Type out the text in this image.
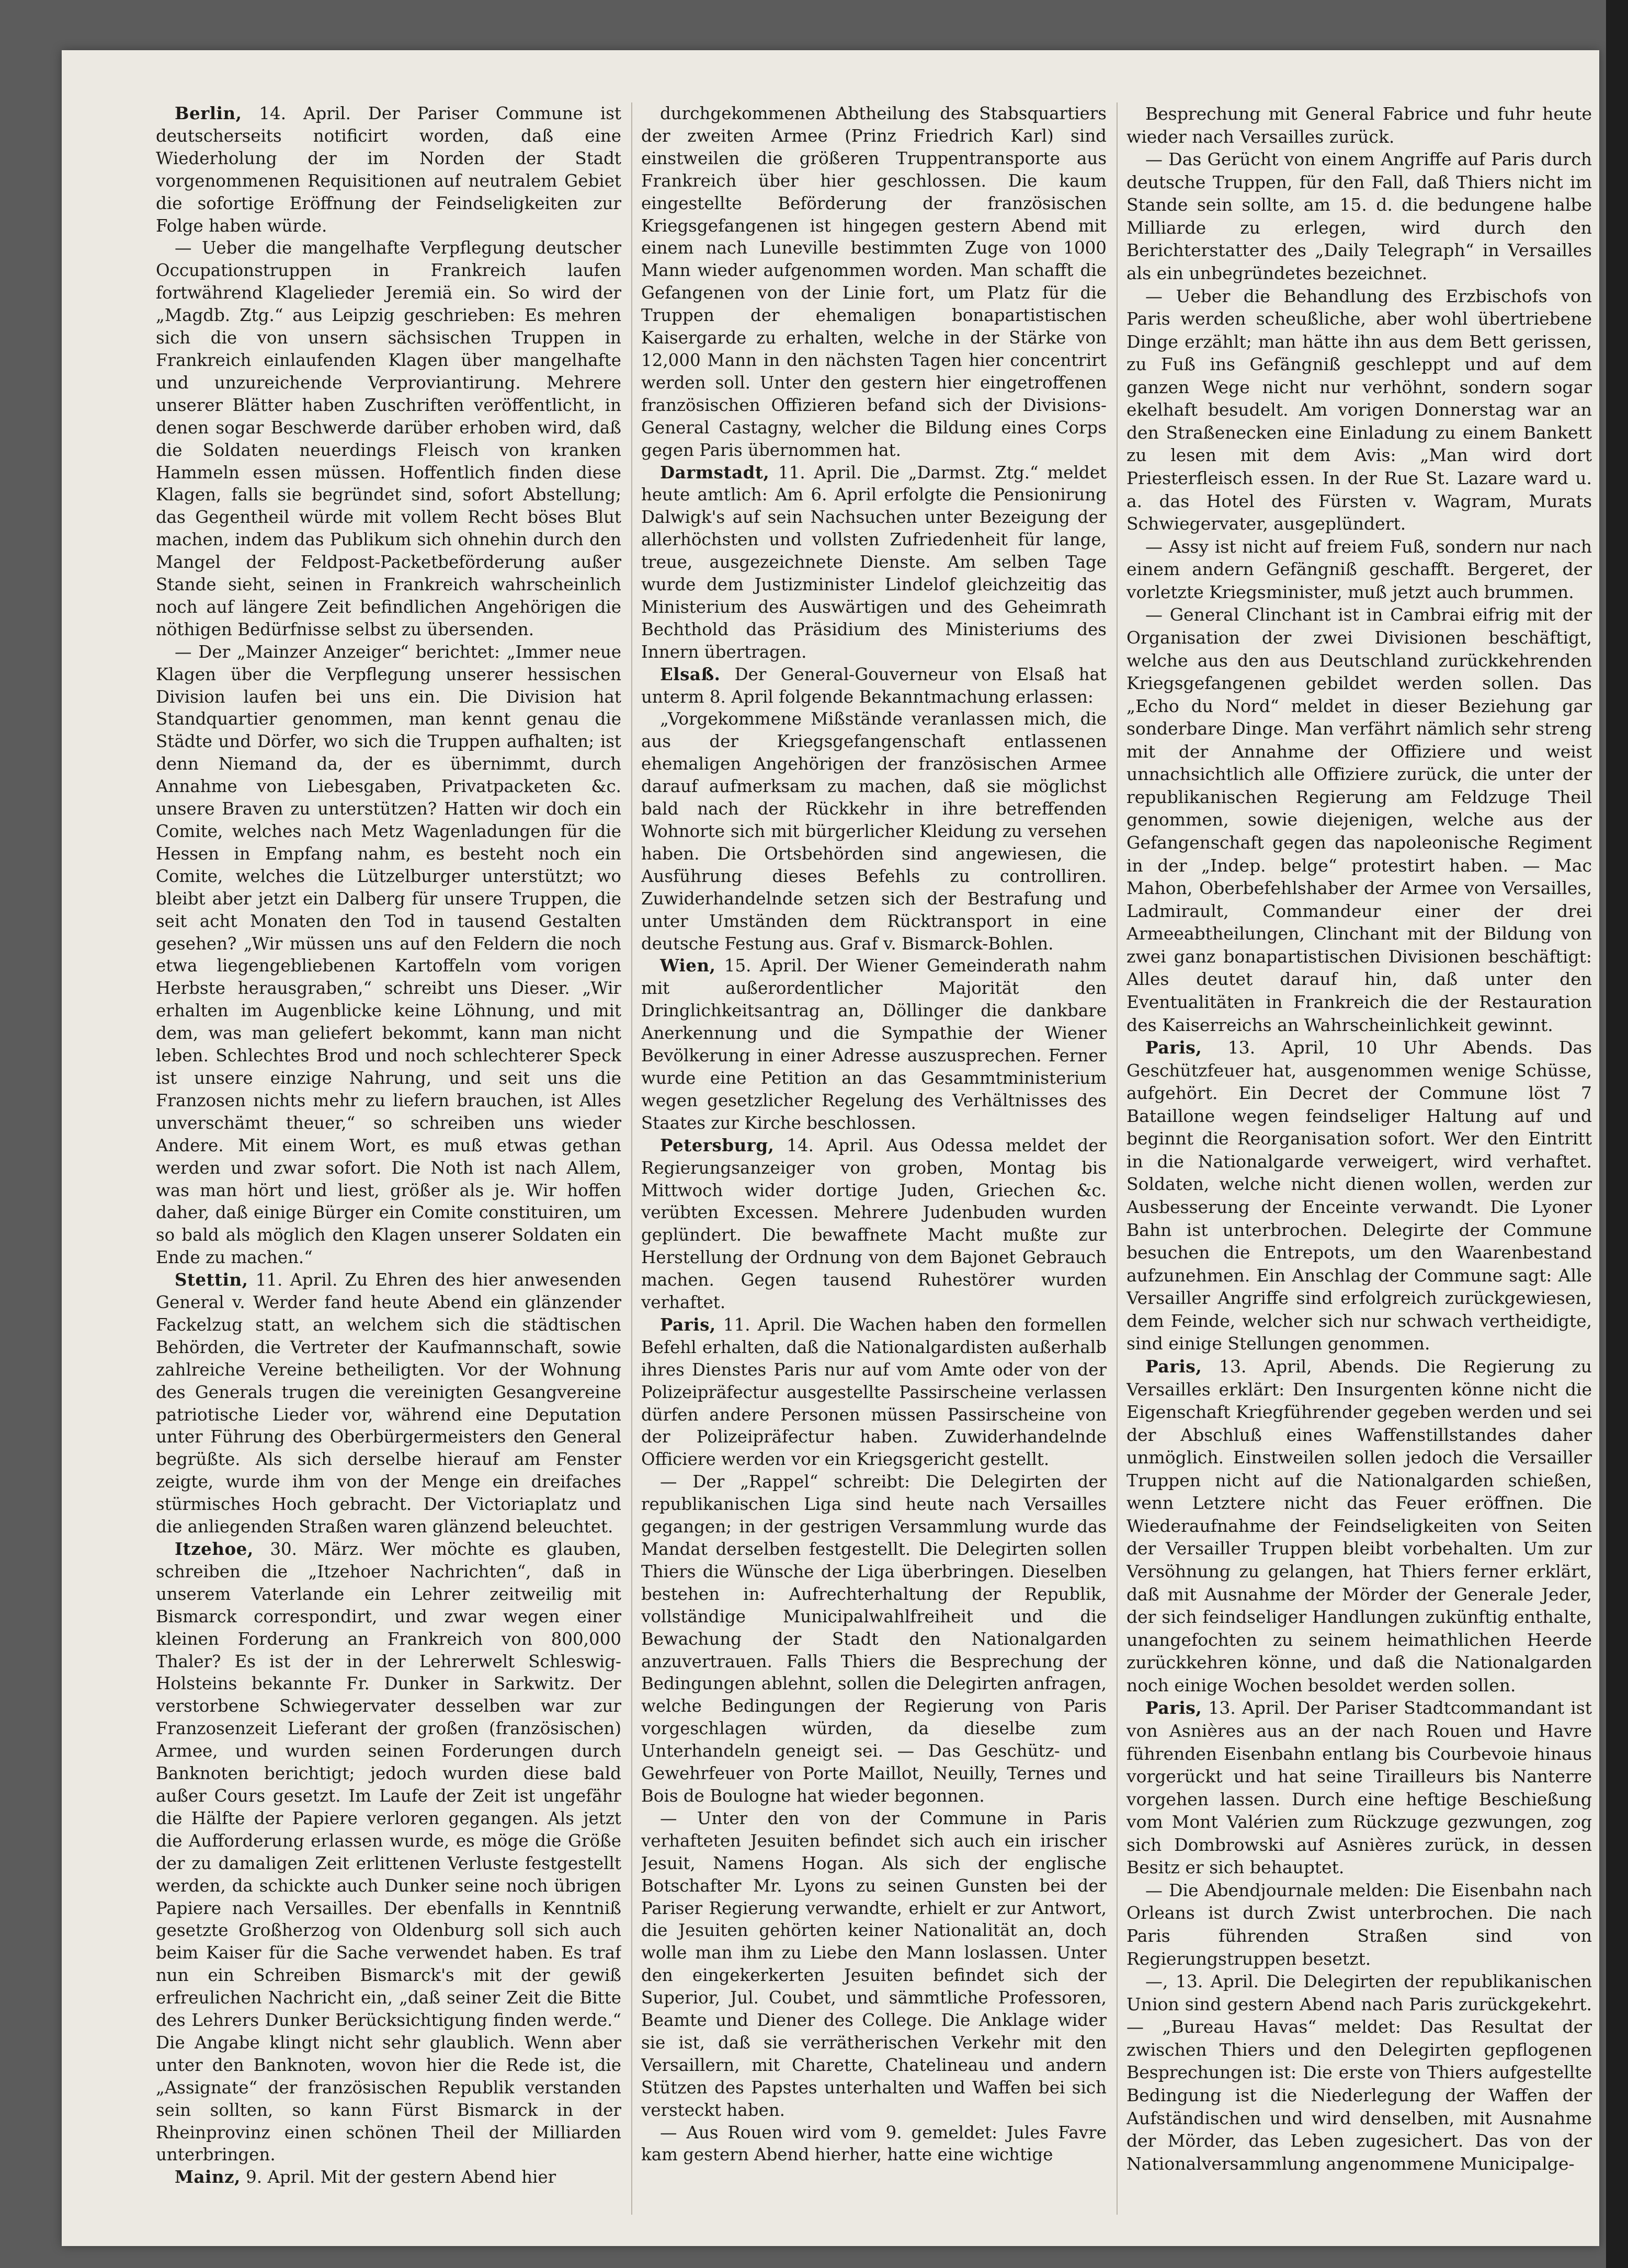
Berlin, 14. April. Der Pariser Commune ist deutscherseits notificirt worden, daß eine Wiederholung der im Norden der Stadt vorgenommenen Requisitionen auf neutralem Gebiet die sofortige Eröffnung der Feindseligkeiten zur Folge haben würde.

— Ueber die mangelhafte Verpflegung deutscher Occupationstruppen in Frankreich laufen fortwährend Klagelieder Jeremiä ein. So wird der „Magdb. Ztg.“ aus Leipzig geschrieben: Es mehren sich die von unsern sächsischen Truppen in Frankreich einlaufenden Klagen über mangelhafte und unzureichende Verproviantirung. Mehrere unserer Blätter haben Zuschriften veröffentlicht, in denen sogar Beschwerde darüber erhoben wird, daß die Soldaten neuerdings Fleisch von kranken Hammeln essen müssen. Hoffentlich finden diese Klagen, falls sie begründet sind, sofort Abstellung; das Gegentheil würde mit vollem Recht böses Blut machen, indem das Publikum sich ohnehin durch den Mangel der Feldpost-Packetbeförderung außer Stande sieht, seinen in Frankreich wahrscheinlich noch auf längere Zeit befindlichen Angehörigen die nöthigen Bedürfnisse selbst zu übersenden.

— Der „Mainzer Anzeiger“ berichtet: „Immer neue Klagen über die Verpflegung unserer hessischen Division laufen bei uns ein. Die Division hat Standquartier genommen, man kennt genau die Städte und Dörfer, wo sich die Truppen aufhalten; ist denn Niemand da, der es übernimmt, durch Annahme von Liebesgaben, Privatpacketen &c. unsere Braven zu unterstützen? Hatten wir doch ein Comite, welches nach Metz Wagenladungen für die Hessen in Empfang nahm, es besteht noch ein Comite, welches die Lützelburger unterstützt; wo bleibt aber jetzt ein Dalberg für unsere Truppen, die seit acht Monaten den Tod in tausend Gestalten gesehen? „Wir müssen uns auf den Feldern die noch etwa liegengebliebenen Kartoffeln vom vorigen Herbste herausgraben,“ schreibt uns Dieser. „Wir erhalten im Augenblicke keine Löhnung, und mit dem, was man geliefert bekommt, kann man nicht leben. Schlechtes Brod und noch schlechterer Speck ist unsere einzige Nahrung, und seit uns die Franzosen nichts mehr zu liefern brauchen, ist Alles unverschämt theuer,“ so schreiben uns wieder Andere. Mit einem Wort, es muß etwas gethan werden und zwar sofort. Die Noth ist nach Allem, was man hört und liest, größer als je. Wir hoffen daher, daß einige Bürger ein Comite constituiren, um so bald als möglich den Klagen unserer Soldaten ein Ende zu machen.“

Stettin, 11. April. Zu Ehren des hier anwesenden General v. Werder fand heute Abend ein glänzender Fackelzug statt, an welchem sich die städtischen Behörden, die Vertreter der Kaufmannschaft, sowie zahlreiche Vereine betheiligten. Vor der Wohnung des Generals trugen die vereinigten Gesangvereine patriotische Lieder vor, während eine Deputation unter Führung des Oberbürgermeisters den General begrüßte. Als sich derselbe hierauf am Fenster zeigte, wurde ihm von der Menge ein dreifaches stürmisches Hoch gebracht. Der Victoriaplatz und die anliegenden Straßen waren glänzend beleuchtet.

Itzehoe, 30. März. Wer möchte es glauben, schreiben die „Itzehoer Nachrichten“, daß in unserem Vaterlande ein Lehrer zeitweilig mit Bismarck correspondirt, und zwar wegen einer kleinen Forderung an Frankreich von 800,000 Thaler? Es ist der in der Lehrerwelt Schleswig-Holsteins bekannte Fr. Dunker in Sarkwitz. Der verstorbene Schwiegervater desselben war zur Franzosenzeit Lieferant der großen (französischen) Armee, und wurden seinen Forderungen durch Banknoten berichtigt; jedoch wurden diese bald außer Cours gesetzt. Im Laufe der Zeit ist ungefähr die Hälfte der Papiere verloren gegangen. Als jetzt die Aufforderung erlassen wurde, es möge die Größe der zu damaligen Zeit erlittenen Verluste festgestellt werden, da schickte auch Dunker seine noch übrigen Papiere nach Versailles. Der ebenfalls in Kenntniß gesetzte Großherzog von Oldenburg soll sich auch beim Kaiser für die Sache verwendet haben. Es traf nun ein Schreiben Bismarck's mit der gewiß erfreulichen Nachricht ein, „daß seiner Zeit die Bitte des Lehrers Dunker Berücksichtigung finden werde.“ Die Angabe klingt nicht sehr glaublich. Wenn aber unter den Banknoten, wovon hier die Rede ist, die „Assignate“ der französischen Republik verstanden sein sollten, so kann Fürst Bismarck in der Rheinprovinz einen schönen Theil der Milliarden unterbringen.

Mainz, 9. April. Mit der gestern Abend hier

durchgekommenen Abtheilung des Stabsquartiers der zweiten Armee (Prinz Friedrich Karl) sind einstweilen die größeren Truppentransporte aus Frankreich über hier geschlossen. Die kaum eingestellte Beförderung der französischen Kriegsgefangenen ist hingegen gestern Abend mit einem nach Luneville bestimmten Zuge von 1000 Mann wieder aufgenommen worden. Man schafft die Gefangenen von der Linie fort, um Platz für die Truppen der ehemaligen bonapartistischen Kaisergarde zu erhalten, welche in der Stärke von 12,000 Mann in den nächsten Tagen hier concentrirt werden soll. Unter den gestern hier eingetroffenen französischen Offizieren befand sich der Divisions-General Castagny, welcher die Bildung eines Corps gegen Paris übernommen hat.

Darmstadt, 11. April. Die „Darmst. Ztg.“ meldet heute amtlich: Am 6. April erfolgte die Pensionirung Dalwigk's auf sein Nachsuchen unter Bezeigung der allerhöchsten und vollsten Zufriedenheit für lange, treue, ausgezeichnete Dienste. Am selben Tage wurde dem Justizminister Lindelof gleichzeitig das Ministerium des Auswärtigen und des Geheimrath Bechthold das Präsidium des Ministeriums des Innern übertragen.

Elsaß. Der General-Gouverneur von Elsaß hat unterm 8. April folgende Bekanntmachung erlassen:

„Vorgekommene Mißstände veranlassen mich, die aus der Kriegsgefangenschaft entlassenen ehemaligen Angehörigen der französischen Armee darauf aufmerksam zu machen, daß sie möglichst bald nach der Rückkehr in ihre betreffenden Wohnorte sich mit bürgerlicher Kleidung zu versehen haben. Die Ortsbehörden sind angewiesen, die Ausführung dieses Befehls zu controlliren. Zuwiderhandelnde setzen sich der Bestrafung und unter Umständen dem Rücktransport in eine deutsche Festung aus. Graf v. Bismarck-Bohlen.

Wien, 15. April. Der Wiener Gemeinderath nahm mit außerordentlicher Majorität den Dringlichkeitsantrag an, Döllinger die dankbare Anerkennung und die Sympathie der Wiener Bevölkerung in einer Adresse auszusprechen. Ferner wurde eine Petition an das Gesammtministerium wegen gesetzlicher Regelung des Verhältnisses des Staates zur Kirche beschlossen.

Petersburg, 14. April. Aus Odessa meldet der Regierungsanzeiger von groben, Montag bis Mittwoch wider dortige Juden, Griechen &c. verübten Excessen. Mehrere Judenbuden wurden geplündert. Die bewaffnete Macht mußte zur Herstellung der Ordnung von dem Bajonet Gebrauch machen. Gegen tausend Ruhestörer wurden verhaftet.

Paris, 11. April. Die Wachen haben den formellen Befehl erhalten, daß die Nationalgardisten außerhalb ihres Dienstes Paris nur auf vom Amte oder von der Polizeipräfectur ausgestellte Passirscheine verlassen dürfen andere Personen müssen Passirscheine von der Polizeipräfectur haben. Zuwiderhandelnde Officiere werden vor ein Kriegsgericht gestellt.

— Der „Rappel“ schreibt: Die Delegirten der republikanischen Liga sind heute nach Versailles gegangen; in der gestrigen Versammlung wurde das Mandat derselben festgestellt. Die Delegirten sollen Thiers die Wünsche der Liga überbringen. Dieselben bestehen in: Aufrechterhaltung der Republik, vollständige Municipalwahlfreiheit und die Bewachung der Stadt den Nationalgarden anzuvertrauen. Falls Thiers die Besprechung der Bedingungen ablehnt, sollen die Delegirten anfragen, welche Bedingungen der Regierung von Paris vorgeschlagen würden, da dieselbe zum Unterhandeln geneigt sei. — Das Geschütz- und Gewehrfeuer von Porte Maillot, Neuilly, Ternes und Bois de Boulogne hat wieder begonnen.

— Unter den von der Commune in Paris verhafteten Jesuiten befindet sich auch ein irischer Jesuit, Namens Hogan. Als sich der englische Botschafter Mr. Lyons zu seinen Gunsten bei der Pariser Regierung verwandte, erhielt er zur Antwort, die Jesuiten gehörten keiner Nationalität an, doch wolle man ihm zu Liebe den Mann loslassen. Unter den eingekerkerten Jesuiten befindet sich der Superior, Jul. Coubet, und sämmtliche Professoren, Beamte und Diener des College. Die Anklage wider sie ist, daß sie verrätherischen Verkehr mit den Versaillern, mit Charette, Chatelineau und andern Stützen des Papstes unterhalten und Waffen bei sich versteckt haben.

— Aus Rouen wird vom 9. gemeldet: Jules Favre kam gestern Abend hierher, hatte eine wichtige

Besprechung mit General Fabrice und fuhr heute wieder nach Versailles zurück.

— Das Gerücht von einem Angriffe auf Paris durch deutsche Truppen, für den Fall, daß Thiers nicht im Stande sein sollte, am 15. d. die bedungene halbe Milliarde zu erlegen, wird durch den Berichterstatter des „Daily Telegraph“ in Versailles als ein unbegründetes bezeichnet.

— Ueber die Behandlung des Erzbischofs von Paris werden scheußliche, aber wohl übertriebene Dinge erzählt; man hätte ihn aus dem Bett gerissen, zu Fuß ins Gefängniß geschleppt und auf dem ganzen Wege nicht nur verhöhnt, sondern sogar ekelhaft besudelt. Am vorigen Donnerstag war an den Straßenecken eine Einladung zu einem Bankett zu lesen mit dem Avis: „Man wird dort Priesterfleisch essen. In der Rue St. Lazare ward u. a. das Hotel des Fürsten v. Wagram, Murats Schwiegervater, ausgeplündert.

— Assy ist nicht auf freiem Fuß, sondern nur nach einem andern Gefängniß geschafft. Bergeret, der vorletzte Kriegsminister, muß jetzt auch brummen.

— General Clinchant ist in Cambrai eifrig mit der Organisation der zwei Divisionen beschäftigt, welche aus den aus Deutschland zurückkehrenden Kriegsgefangenen gebildet werden sollen. Das „Echo du Nord“ meldet in dieser Beziehung gar sonderbare Dinge. Man verfährt nämlich sehr streng mit der Annahme der Offiziere und weist unnachsichtlich alle Offiziere zurück, die unter der republikanischen Regierung am Feldzuge Theil genommen, sowie diejenigen, welche aus der Gefangenschaft gegen das napoleonische Regiment in der „Indep. belge“ protestirt haben. — Mac Mahon, Oberbefehlshaber der Armee von Versailles, Ladmirault, Commandeur einer der drei Armeeabtheilungen, Clinchant mit der Bildung von zwei ganz bonapartistischen Divisionen beschäftigt: Alles deutet darauf hin, daß unter den Eventualitäten in Frankreich die der Restauration des Kaiserreichs an Wahrscheinlichkeit gewinnt.

Paris, 13. April, 10 Uhr Abends. Das Geschützfeuer hat, ausgenommen wenige Schüsse, aufgehört. Ein Decret der Commune löst 7 Bataillone wegen feindseliger Haltung auf und beginnt die Reorganisation sofort. Wer den Eintritt in die Nationalgarde verweigert, wird verhaftet. Soldaten, welche nicht dienen wollen, werden zur Ausbesserung der Enceinte verwandt. Die Lyoner Bahn ist unterbrochen. Delegirte der Commune besuchen die Entrepots, um den Waarenbestand aufzunehmen. Ein Anschlag der Commune sagt: Alle Versailler Angriffe sind erfolgreich zurückgewiesen, dem Feinde, welcher sich nur schwach vertheidigte, sind einige Stellungen genommen.

Paris, 13. April, Abends. Die Regierung zu Versailles erklärt: Den Insurgenten könne nicht die Eigenschaft Kriegführender gegeben werden und sei der Abschluß eines Waffenstillstandes daher unmöglich. Einstweilen sollen jedoch die Versailler Truppen nicht auf die Nationalgarden schießen, wenn Letztere nicht das Feuer eröffnen. Die Wiederaufnahme der Feindseligkeiten von Seiten der Versailler Truppen bleibt vorbehalten. Um zur Versöhnung zu gelangen, hat Thiers ferner erklärt, daß mit Ausnahme der Mörder der Generale Jeder, der sich feindseliger Handlungen zukünftig enthalte, unangefochten zu seinem heimathlichen Heerde zurückkehren könne, und daß die Nationalgarden noch einige Wochen besoldet werden sollen.

Paris, 13. April. Der Pariser Stadtcommandant ist von Asnières aus an der nach Rouen und Havre führenden Eisenbahn entlang bis Courbevoie hinaus vorgerückt und hat seine Tirailleurs bis Nanterre vorgehen lassen. Durch eine heftige Beschießung vom Mont Valérien zum Rückzuge gezwungen, zog sich Dombrowski auf Asnières zurück, in dessen Besitz er sich behauptet.

— Die Abendjournale melden: Die Eisenbahn nach Orleans ist durch Zwist unterbrochen. Die nach Paris führenden Straßen sind von Regierungstruppen besetzt.

—, 13. April. Die Delegirten der republikanischen Union sind gestern Abend nach Paris zurückgekehrt. — „Bureau Havas“ meldet: Das Resultat der zwischen Thiers und den Delegirten gepflogenen Besprechungen ist: Die erste von Thiers aufgestellte Bedingung ist die Niederlegung der Waffen der Aufständischen und wird denselben, mit Ausnahme der Mörder, das Leben zugesichert. Das von der Nationalversammlung angenommene Municipalge-
